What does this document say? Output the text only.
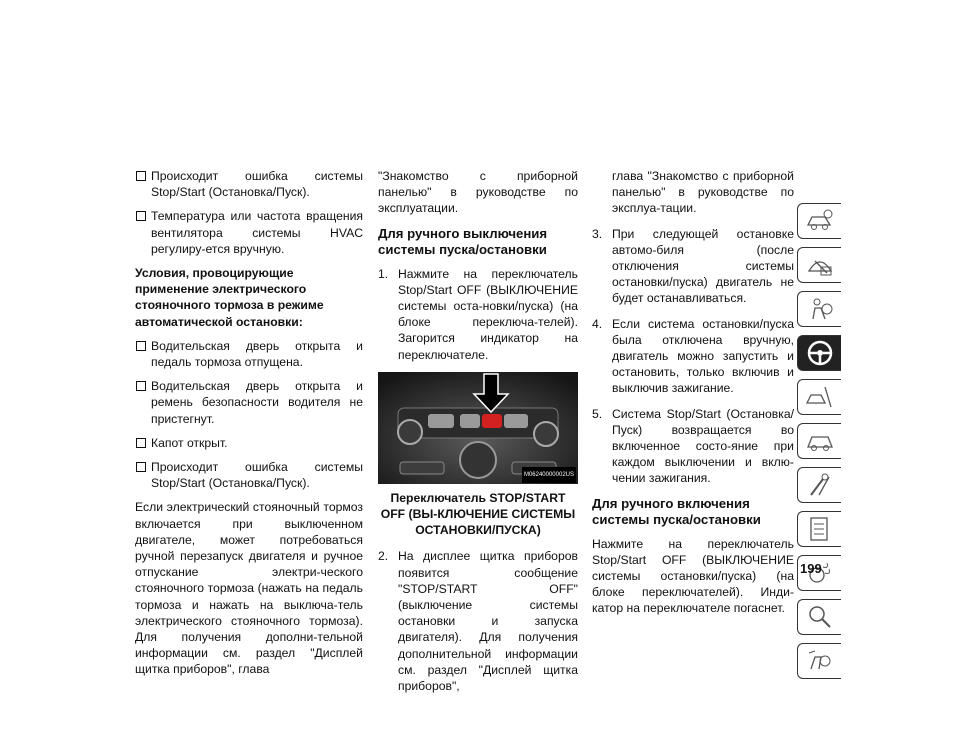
Происходит ошибка системы Stop/Start (Остановка/Пуск).
Температура или частота вращения вентилятора системы HVAC регулиру-ется вручную.
Условия, провоцирующие применение электрического стояночного тормоза в режиме автоматической остановки:
Водительская дверь открыта и педаль тормоза отпущена.
Водительская дверь открыта и ремень безопасности водителя не пристегнут.
Капот открыт.
Происходит ошибка системы Stop/Start (Остановка/Пуск).

Если электрический стояночный тормоз включается при выключенном двигателе, может потребоваться ручной перезапуск двигателя и ручное отпускание электри-ческого стояночного тормоза (нажать на педаль тормоза и нажать на выключа-тель электрического стояночного тормоза). Для получения дополни-тельной информации см. раздел "Дисплей щитка приборов", глава

"Знакомство с приборной панелью" в руководстве по эксплуатации.

Для ручного выключения системы пуска/остановки
1. Нажмите на переключатель Stop/Start OFF (ВЫКЛЮЧЕНИЕ системы оста-новки/пуска) (на блоке переключа-телей). Загорится индикатор на переключателе.
M06240000002US
Переключатель STOP/START OFF (ВЫ-КЛЮЧЕНИЕ СИСТЕМЫ ОСТАНОВКИ/ПУСКА)
2. На дисплее щитка приборов появится сообщение "STOP/START OFF" (выключение системы остановки и запуска двигателя). Для получения дополнительной информации см. раздел "Дисплей щитка приборов",

глава "Знакомство с приборной панелью" в руководстве по эксплуа-тации.

3. При следующей остановке автомо-биля (после отключения системы остановки/пуска) двигатель не будет останавливаться.
4. Если система остановки/пуска была отключена вручную, двигатель можно запустить и остановить, только включив и выключив зажигание.
5. Система Stop/Start (Остановка/Пуск) возвращается во включенное состо-яние при каждом выключении и вклю-чении зажигания.
Для ручного включения системы пуска/остановки

Нажмите на переключатель Stop/Start OFF (ВЫКЛЮЧЕНИЕ системы остановки/пуска) (на блоке переключателей). Инди-катор на переключателе погаснет.

199
